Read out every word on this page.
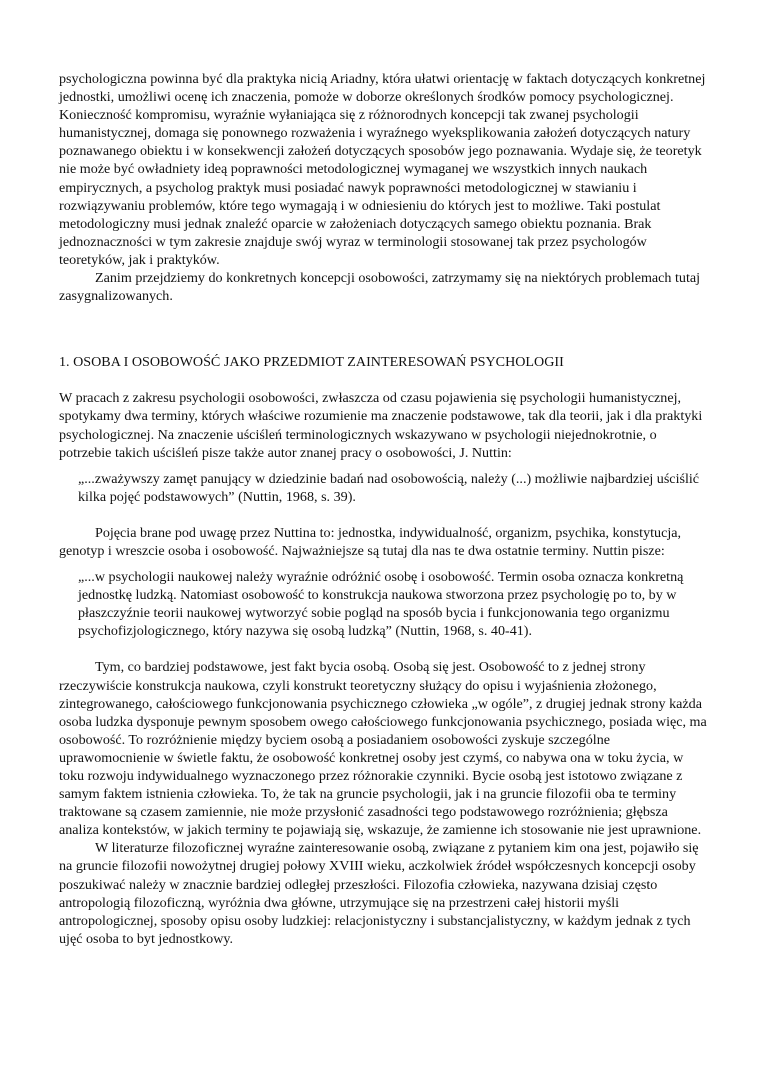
psychologiczna powinna być dla praktyka nicią Ariadny, która ułatwi orientację w faktach dotyczących konkretnej jednostki, umożliwi ocenę ich znaczenia, pomoże w doborze określonych środków pomocy psychologicznej. Konieczność kompromisu, wyraźnie wyłaniająca się z różnorodnych koncepcji tak zwanej psychologii humanistycznej, domaga się ponownego rozważenia i wyraźnego wyeksplikowania założeń dotyczących natury poznawanego obiektu i w konsekwencji założeń dotyczących sposobów jego poznawania. Wydaje się, że teoretyk nie może być owładniety ideą poprawności metodologicznej wymaganej we wszystkich innych naukach empirycznych, a psycholog praktyk musi posiadać nawyk poprawności metodologicznej w stawianiu i rozwiązywaniu problemów, które tego wymagają i w odniesieniu do których jest to możliwe. Taki postulat metodologiczny musi jednak znaleźć oparcie w założeniach dotyczących samego obiektu poznania. Brak jednoznaczności w tym zakresie znajduje swój wyraz w terminologii stosowanej tak przez psychologów teoretyków, jak i praktyków.

Zanim przejdziemy do konkretnych koncepcji osobowości, zatrzymamy się na niektórych problemach tutaj zasygnalizowanych.

1. OSOBA I OSOBOWOŚĆ JAKO PRZEDMIOT ZAINTERESOWAŃ PSYCHOLOGII

W pracach z zakresu psychologii osobowości, zwłaszcza od czasu pojawienia się psychologii humanistycznej, spotykamy dwa terminy, których właściwe rozumienie ma znaczenie podstawowe, tak dla teorii, jak i dla praktyki psychologicznej. Na znaczenie uściśleń terminologicznych wskazywano w psychologii niejednokrotnie, o potrzebie takich uściśleń pisze także autor znanej pracy o osobowości, J. Nuttin:

„...zważywszy zamęt panujący w dziedzinie badań nad osobowością, należy (...) możliwie najbardziej uściślić kilka pojęć podstawowych” (Nuttin, 1968, s. 39).

Pojęcia brane pod uwagę przez Nuttina to: jednostka, indywidualność, organizm, psychika, konstytucja, genotyp i wreszcie osoba i osobowość. Najważniejsze są tutaj dla nas te dwa ostatnie terminy. Nuttin pisze:

„...w psychologii naukowej należy wyraźnie odróżnić osobę i osobowość. Termin osoba oznacza konkretną jednostkę ludzką. Natomiast osobowość to konstrukcja naukowa stworzona przez psychologię po to, by w płaszczyźnie teorii naukowej wytworzyć sobie pogląd na sposób bycia i funkcjonowania tego organizmu psychofizjologicznego, który nazywa się osobą ludzką” (Nuttin, 1968, s. 40-41).

Tym, co bardziej podstawowe, jest fakt bycia osobą. Osobą się jest. Osobowość to z jednej strony rzeczywiście konstrukcja naukowa, czyli konstrukt teoretyczny służący do opisu i wyjaśnienia złożonego, zintegrowanego, całościowego funkcjonowania psychicznego człowieka „w ogóle”, z drugiej jednak strony każda osoba ludzka dysponuje pewnym sposobem owego całościowego funkcjonowania psychicznego, posiada więc, ma osobowość. To rozróżnienie między byciem osobą a posiadaniem osobowości zyskuje szczególne uprawomocnienie w świetle faktu, że osobowość konkretnej osoby jest czymś, co nabywa ona w toku życia, w toku rozwoju indywidualnego wyznaczonego przez różnorakie czynniki. Bycie osobą jest istotowo związane z samym faktem istnienia człowieka. To, że tak na gruncie psychologii, jak i na gruncie filozofii oba te terminy traktowane są czasem zamiennie, nie może przysłonić zasadności tego podstawowego rozróżnienia; głębsza analiza kontekstów, w jakich terminy te pojawiają się, wskazuje, że zamienne ich stosowanie nie jest uprawnione.

W literaturze filozoficznej wyraźne zainteresowanie osobą, związane z pytaniem kim ona jest, pojawiło się na gruncie filozofii nowożytnej drugiej połowy XVIII wieku, aczkolwiek źródeł współczesnych koncepcji osoby poszukiwać należy w znacznie bardziej odległej przeszłości. Filozofia człowieka, nazywana dzisiaj często antropologią filozoficzną, wyróżnia dwa główne, utrzymujące się na przestrzeni całej historii myśli antropologicznej, sposoby opisu osoby ludzkiej: relacjonistyczny i substancjalistyczny, w każdym jednak z tych ujęć osoba to byt jednostkowy.
